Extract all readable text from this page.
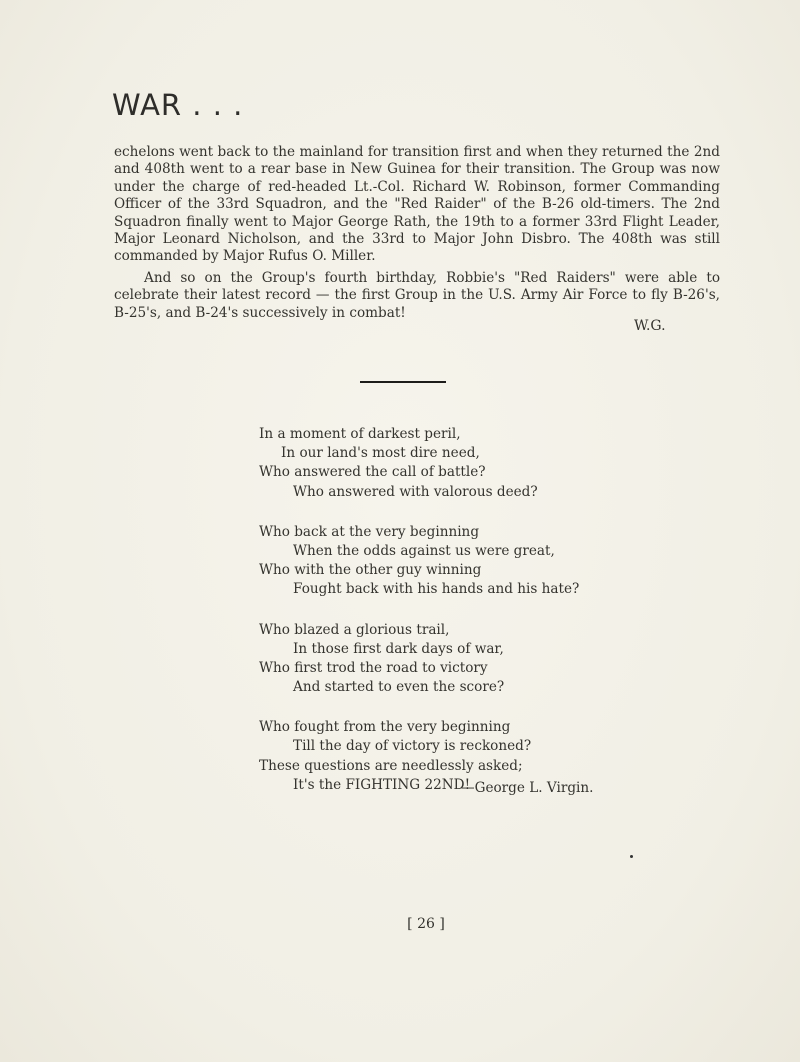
WAR . . .

echelons went back to the mainland for transition first and when they returned the 2nd and 408th went to a rear base in New Guinea for their transition. The Group was now under the charge of red-headed Lt.-Col. Richard W. Robinson, former Commanding Officer of the 33rd Squadron, and the "Red Raider" of the B-26 old-timers. The 2nd Squadron finally went to Major George Rath, the 19th to a former 33rd Flight Leader, Major Leonard Nicholson, and the 33rd to Major John Disbro. The 408th was still commanded by Major Rufus O. Miller.

And so on the Group's fourth birthday, Robbie's "Red Raiders" were able to celebrate their latest record — the first Group in the U.S. Army Air Force to fly B-26's, B-25's, and B-24's successively in combat!

W.G.
In a moment of darkest peril,
In our land's most dire need,
Who answered the call of battle?
Who answered with valorous deed?
Who back at the very beginning
When the odds against us were great,
Who with the other guy winning
Fought back with his hands and his hate?
Who blazed a glorious trail,
In those first dark days of war,
Who first trod the road to victory
And started to even the score?
Who fought from the very beginning
Till the day of victory is reckoned?
These questions are needlessly asked;
It's the FIGHTING 22ND!
—George L. Virgin.
[ 26 ]
